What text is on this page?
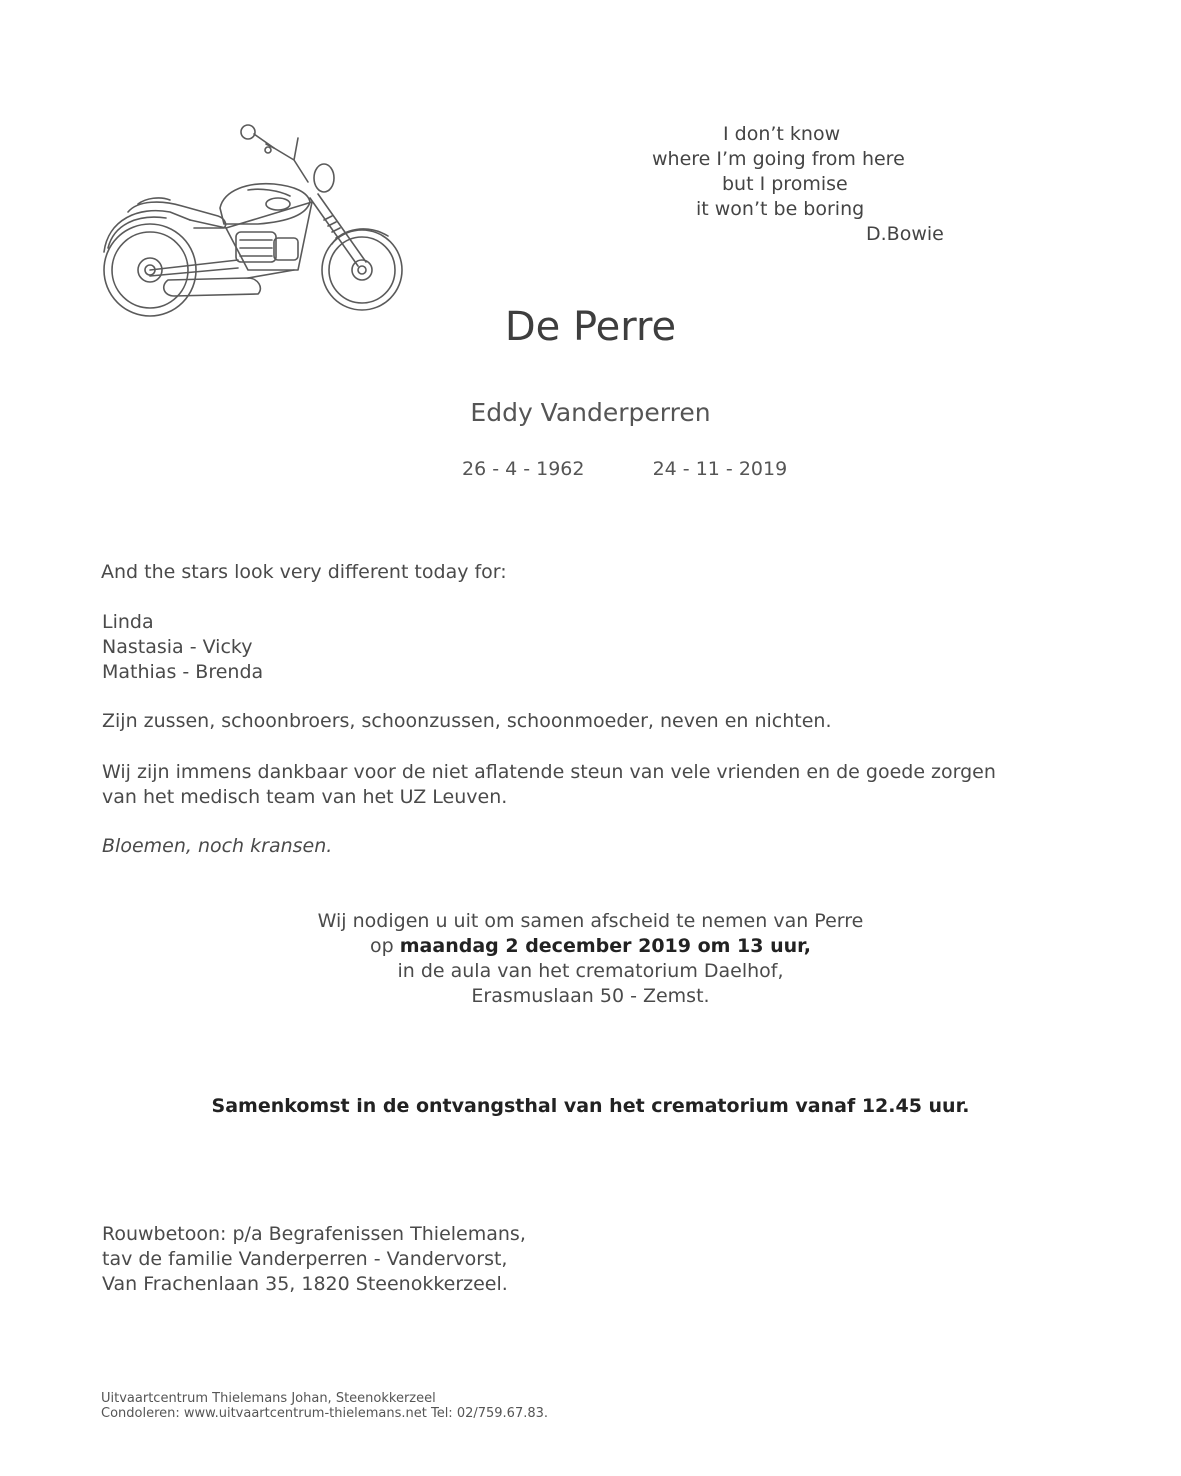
I don’t know
where I’m going from here
but I promise
it won’t be boring
D.Bowie
De Perre
Eddy Vanderperren
26 - 4 - 1962	24 - 11 - 2019
And the stars look very different today for:
Linda
Nastasia - Vicky
Mathias - Brenda
Zijn zussen, schoonbroers, schoonzussen, schoonmoeder, neven en nichten.
Wij zijn immens dankbaar voor de niet aflatende steun van vele vrienden en de goede zorgen
van het medisch team van het UZ Leuven.
Bloemen, noch kransen.
Wij nodigen u uit om samen afscheid te nemen van Perre
op maandag 2 december 2019 om 13 uur,
in de aula van het crematorium Daelhof,
Erasmuslaan 50 - Zemst.
Samenkomst in de ontvangsthal van het crematorium vanaf 12.45 uur.
Rouwbetoon: p/a Begrafenissen Thielemans,
tav de familie Vanderperren - Vandervorst,
Van Frachenlaan 35, 1820 Steenokkerzeel.
Uitvaartcentrum Thielemans Johan, Steenokkerzeel
Condoleren: www.uitvaartcentrum-thielemans.net Tel: 02/759.67.83.
